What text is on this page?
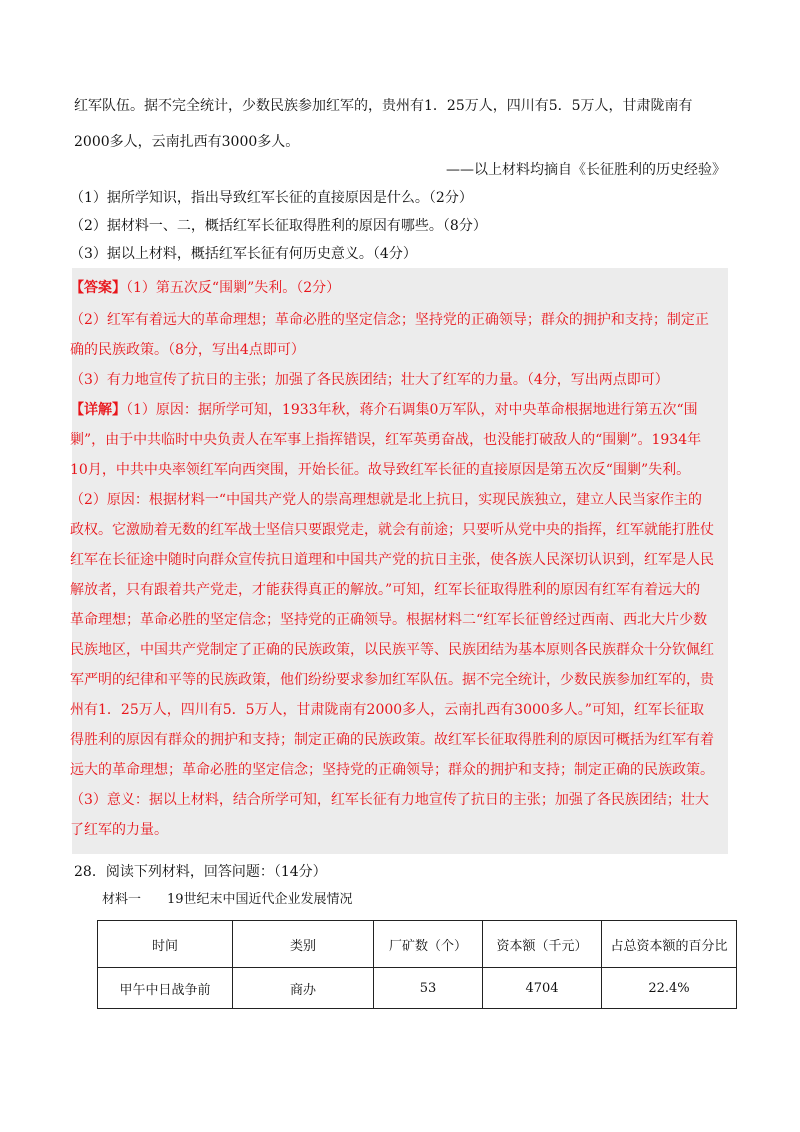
红军队伍。据不完全统计，少数民族参加红军的，贵州有1．25万人，四川有5．5万人，甘肃陇南有
2000多人，云南扎西有3000多人。
——以上材料均摘自《长征胜利的历史经验》
（1）据所学知识，指出导致红军长征的直接原因是什么。（2分）
（2）据材料一、二，概括红军长征取得胜利的原因有哪些。（8分）
（3）据以上材料，概括红军长征有何历史意义。（4分）
【答案】（1）第五次反“围剿”失利。（2分）
（2）红军有着远大的革命理想；革命必胜的坚定信念；坚持党的正确领导；群众的拥护和支持；制定正
确的民族政策。（8分，写出4点即可）
（3）有力地宣传了抗日的主张；加强了各民族团结；壮大了红军的力量。（4分，写出两点即可）
【详解】（1）原因：据所学可知，1933年秋，蒋介石调集0万军队，对中央革命根据地进行第五次“围
剿”，由于中共临时中央负责人在军事上指挥错误，红军英勇奋战，也没能打破敌人的“围剿”。1934年
10月，中共中央率领红军向西突围，开始长征。故导致红军长征的直接原因是第五次反“围剿”失利。
（2）原因：根据材料一“中国共产党人的崇高理想就是北上抗日，实现民族独立，建立人民当家作主的
政权。它激励着无数的红军战士坚信只要跟党走，就会有前途；只要听从党中央的指挥，红军就能打胜仗
红军在长征途中随时向群众宣传抗日道理和中国共产党的抗日主张，使各族人民深切认识到，红军是人民
解放者，只有跟着共产党走，才能获得真正的解放。”可知，红军长征取得胜利的原因有红军有着远大的
革命理想；革命必胜的坚定信念；坚持党的正确领导。根据材料二“红军长征曾经过西南、西北大片少数
民族地区，中国共产党制定了正确的民族政策，以民族平等、民族团结为基本原则各民族群众十分钦佩红
军严明的纪律和平等的民族政策，他们纷纷要求参加红军队伍。据不完全统计，少数民族参加红军的，贵
州有1．25万人，四川有5．5万人，甘肃陇南有2000多人，云南扎西有3000多人。”可知，红军长征取
得胜利的原因有群众的拥护和支持；制定正确的民族政策。故红军长征取得胜利的原因可概括为红军有着
远大的革命理想；革命必胜的坚定信念；坚持党的正确领导；群众的拥护和支持；制定正确的民族政策。
（3）意义：据以上材料，结合所学可知，红军长征有力地宣传了抗日的主张；加强了各民族团结；壮大
了红军的力量。
28．阅读下列材料，回答问题：（14分）
材料一　　19世纪末中国近代企业发展情况
时间	类别	厂矿数（个）	资本额（千元）	占总资本额的百分比
甲午中日战争前	商办	53	4704	22.4%
